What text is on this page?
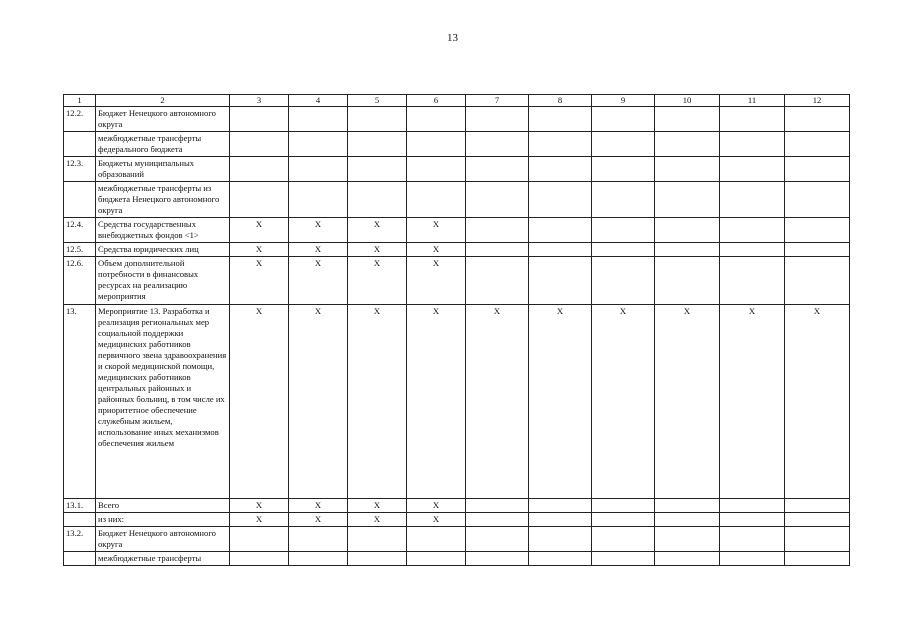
13
1	2	3	4	5	6	7	8	9	10	11	12
12.2.	Бюджет Ненецкого автономного округа										
	межбюджетные трансферты федерального бюджета										
12.3.	Бюджеты муниципальных образований										
	межбюджетные трансферты из бюджета Ненецкого автономного округа										
12.4.	Средства государственных внебюджетных фондов <1>	X	X	X	X						
12.5.	Средства юридических лиц	X	X	X	X						
12.6.	Объем дополнительной потребности в финансовых ресурсах на реализацию мероприятия	X	X	X	X						
13.	Мероприятие 13. Разработка и реализация региональных мер социальной поддержки медицинских работников первичного звена здравоохранения и скорой медицинской помощи, медицинских работников центральных районных и районных больниц, в том числе их приоритетное обеспечение служебным жильем, использование иных механизмов обеспечения жильем	X	X	X	X	X	X	X	X	X	X
13.1.	Всего	X	X	X	X						
	из них:	X	X	X	X						
13.2.	Бюджет Ненецкого автономного округа										
	межбюджетные трансферты										
